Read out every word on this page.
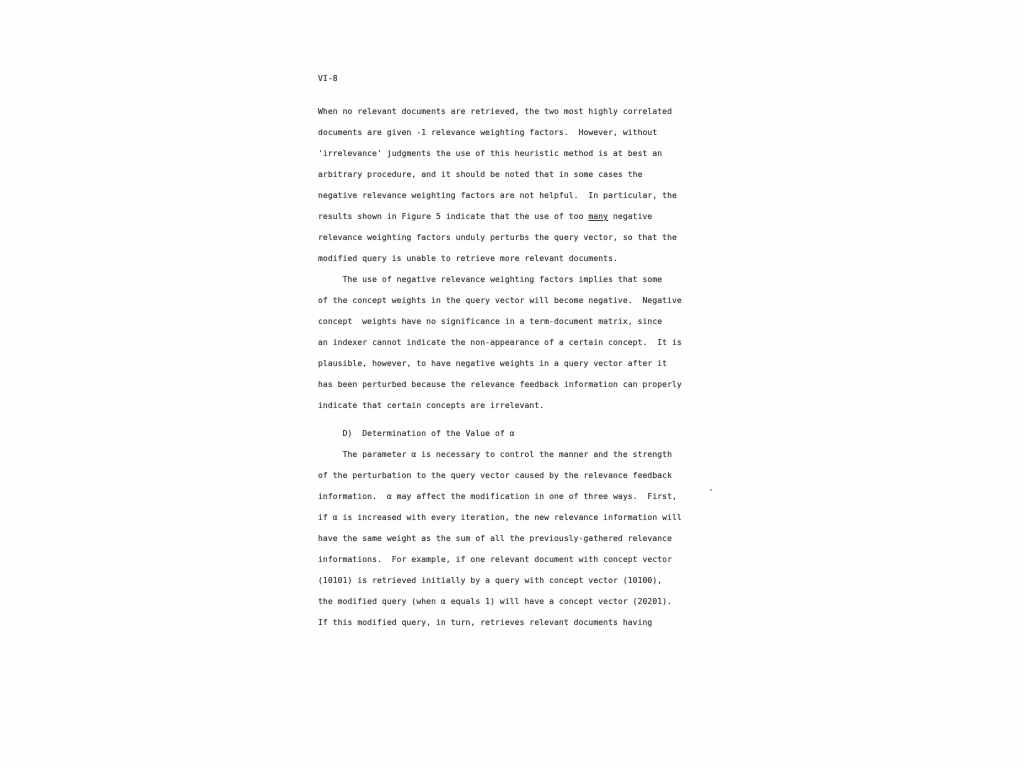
VI-8
When no relevant documents are retrieved, the two most highly correlated
documents are given -1 relevance weighting factors.  However, without
'irrelevance' judgments the use of this heuristic method is at best an
arbitrary procedure, and it should be noted that in some cases the
negative relevance weighting factors are not helpful.  In particular, the
results shown in Figure 5 indicate that the use of too many negative
relevance weighting factors unduly perturbs the query vector, so that the
modified query is unable to retrieve more relevant documents.
The use of negative relevance weighting factors implies that some
of the concept weights in the query vector will become negative.  Negative
concept  weights have no significance in a term-document matrix, since
an indexer cannot indicate the non-appearance of a certain concept.  It is
plausible, however, to have negative weights in a query vector after it
has been perturbed because the relevance feedback information can properly
indicate that certain concepts are irrelevant.
D)  Determination of the Value of α
The parameter α is necessary to control the manner and the strength
of the perturbation to the query vector caused by the relevance feedback
information.  α may affect the modification in one of three ways.  First,
if α is increased with every iteration, the new relevance information will
have the same weight as the sum of all the previously-gathered relevance
informations.  For example, if one relevant document with concept vector
(10101) is retrieved initially by a query with concept vector (10100),
the modified query (when α equals 1) will have a concept vector (20201).
If this modified query, in turn, retrieves relevant documents having
